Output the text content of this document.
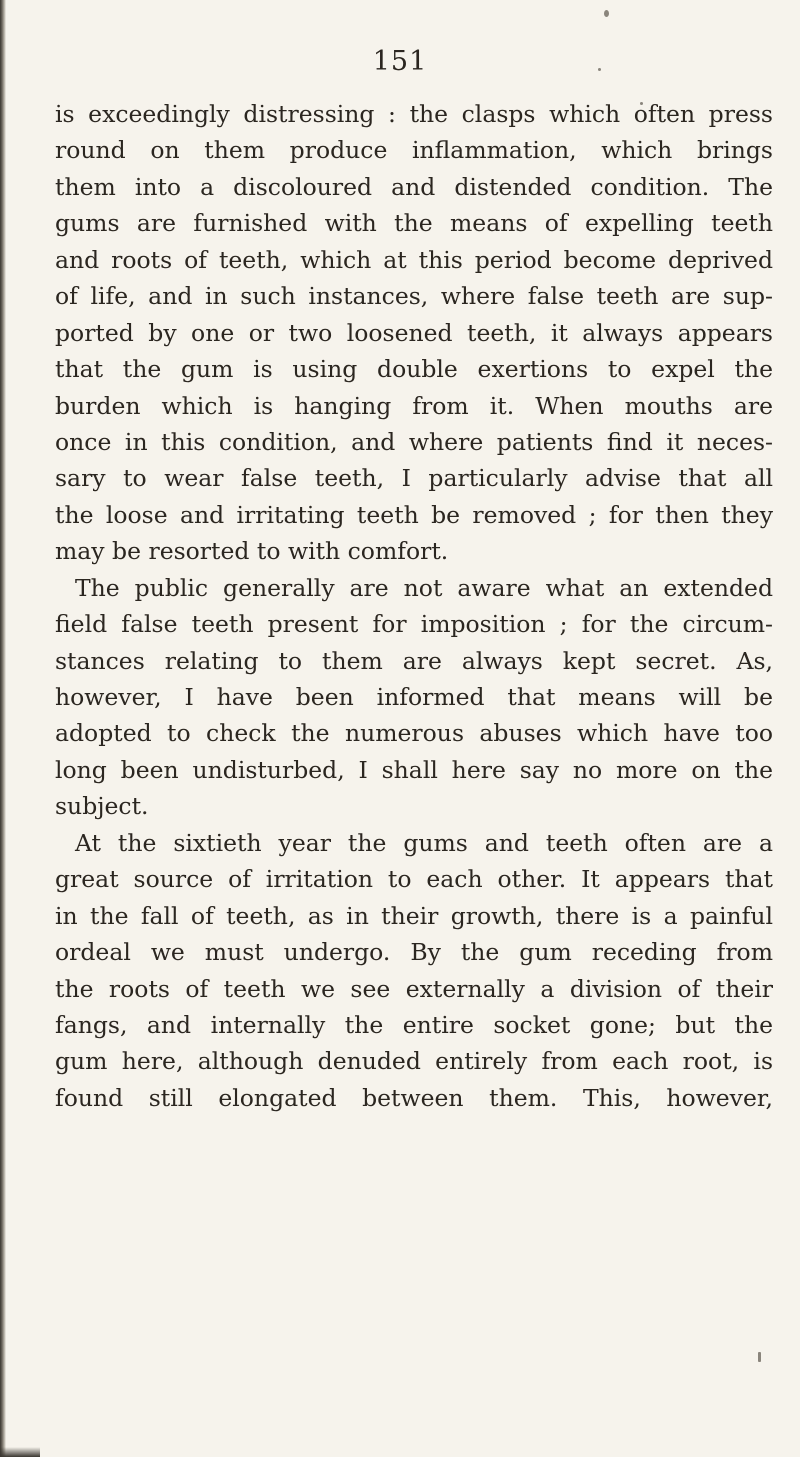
151
is exceedingly distressing : the clasps which often press
round on them produce inflammation, which brings
them into a discoloured and distended condition. The
gums are furnished with the means of expelling teeth
and roots of teeth, which at this period become deprived
of life, and in such instances, where false teeth are sup-
ported by one or two loosened teeth, it always appears
that the gum is using double exertions to expel the
burden which is hanging from it. When mouths are
once in this condition, and where patients find it neces-
sary to wear false teeth, I particularly advise that all
the loose and irritating teeth be removed ; for then they
may be resorted to with comfort.
The public generally are not aware what an extended
field false teeth present for imposition ; for the circum-
stances relating to them are always kept secret. As,
however, I have been informed that means will be
adopted to check the numerous abuses which have too
long been undisturbed, I shall here say no more on the
subject.
At the sixtieth year the gums and teeth often are a
great source of irritation to each other. It appears that
in the fall of teeth, as in their growth, there is a painful
ordeal we must undergo. By the gum receding from
the roots of teeth we see externally a division of their
fangs, and internally the entire socket gone; but the
gum here, although denuded entirely from each root, is
found still elongated between them. This, however,
